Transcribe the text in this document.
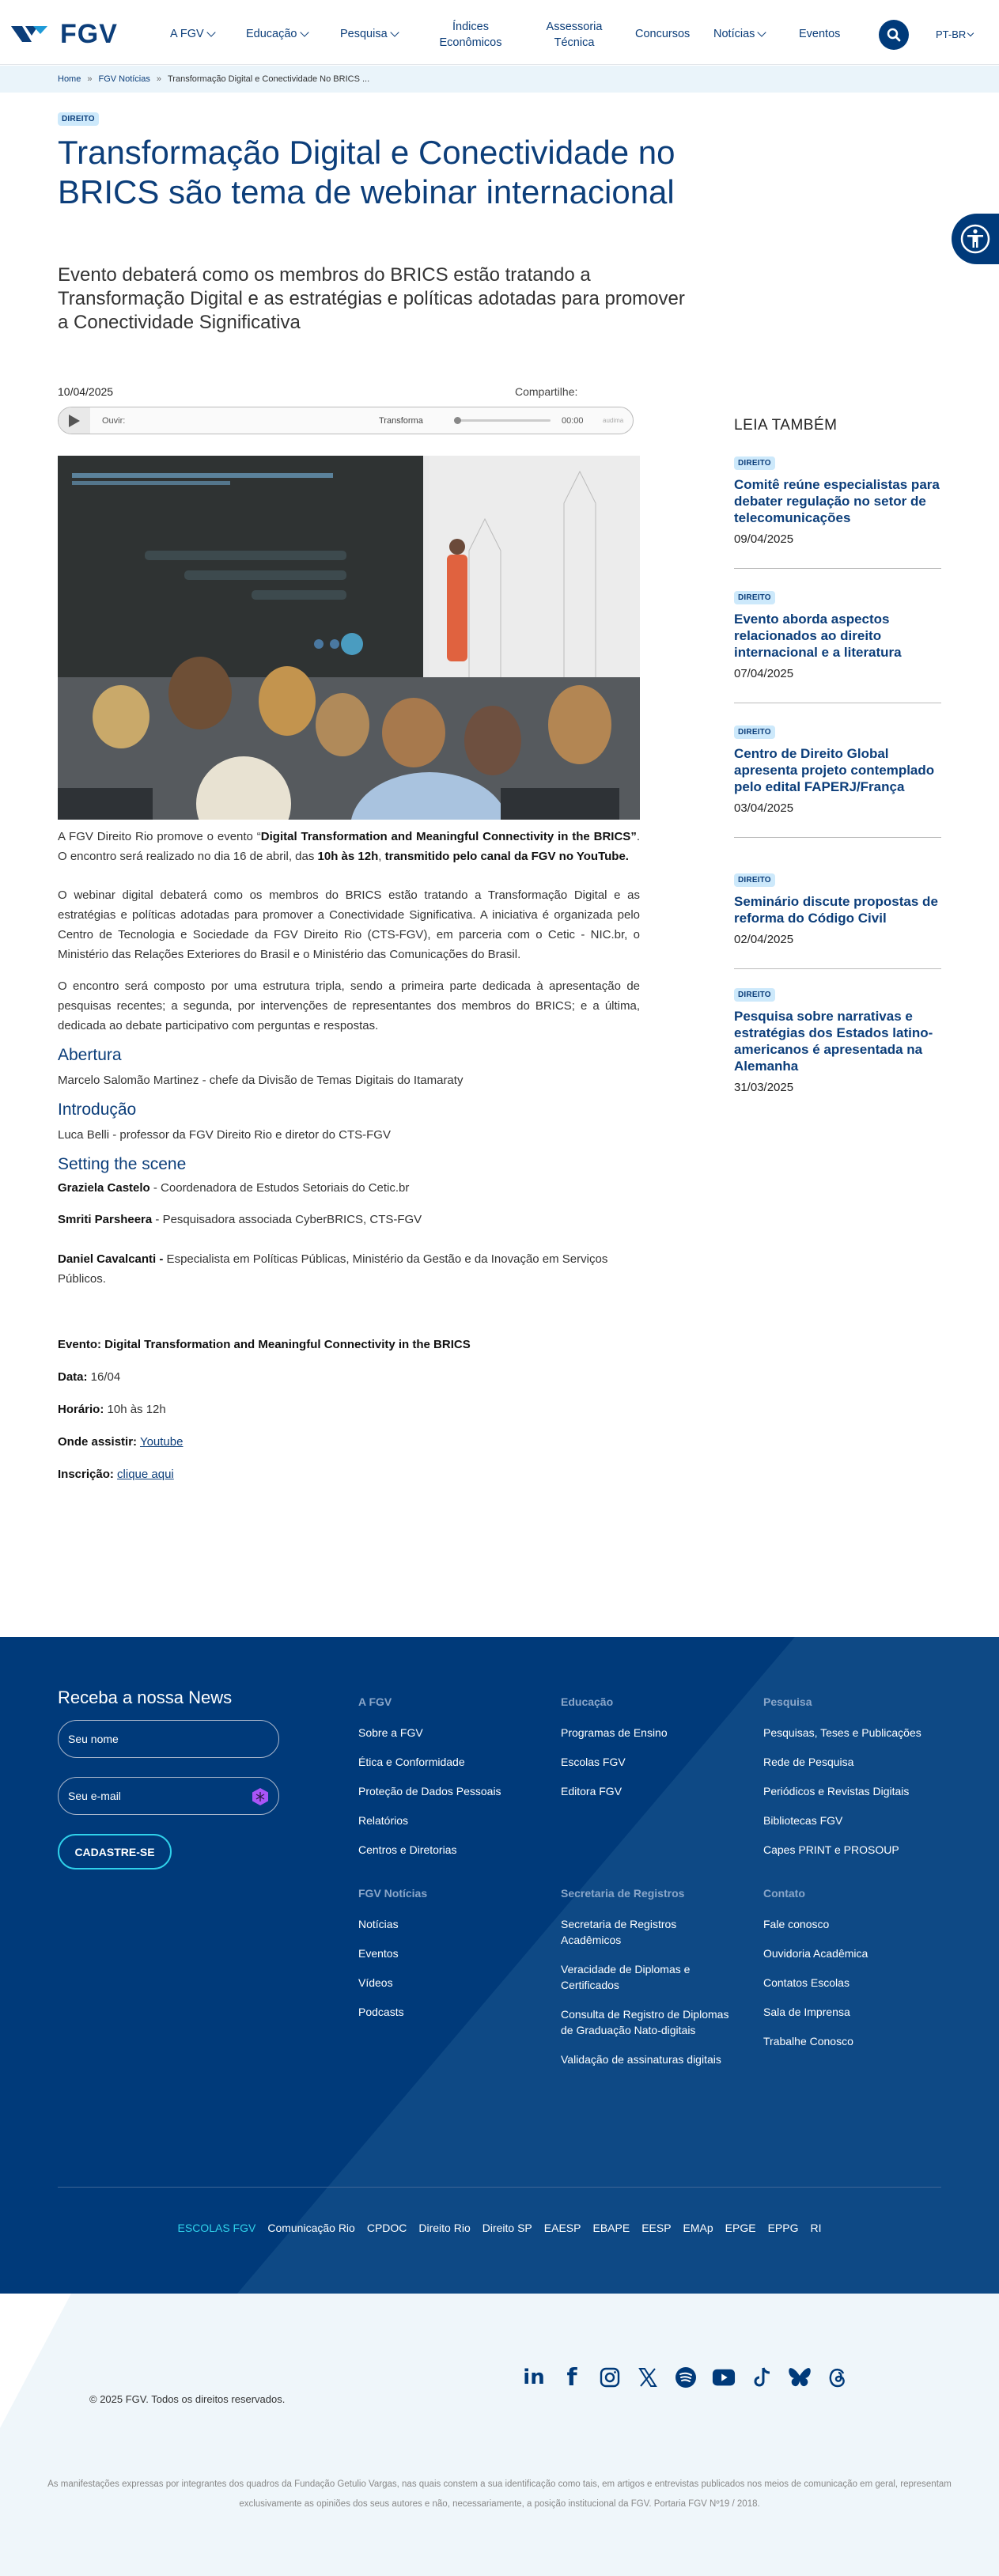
FGV	A FGV	Educação	Pesquisa
Índices Econômicos
Assessoria Técnica
Concursos Notícias	Eventos	PT-BR
Home » FGV Notícias » Transformação Digital e Conectividade No BRICS ...
DIREITO
Transformação Digital e Conectividade no BRICS são tema de webinar internacional

Evento debaterá como os membros do BRICS estão tratando a Transformação Digital e as estratégias e políticas adotadas para promover a Conectividade Significativa

10/04/2025	Compartilhe:
Ouvir:	Transforma	00:00	audima

A FGV Direito Rio promove o evento “Digital Transformation and Meaningful Connectivity in the BRICS”. O encontro será realizado no dia 16 de abril, das 10h às 12h, transmitido pelo canal da FGV no YouTube.

O webinar digital debaterá como os membros do BRICS estão tratando a Transformação Digital e as estratégias e políticas adotadas para promover a Conectividade Significativa. A iniciativa é organizada pelo Centro de Tecnologia e Sociedade da FGV Direito Rio (CTS-FGV), em parceria com o Cetic - NIC.br, o Ministério das Relações Exteriores do Brasil e o Ministério das Comunicações do Brasil.

O encontro será composto por uma estrutura tripla, sendo a primeira parte dedicada à apresentação de pesquisas recentes; a segunda, por intervenções de representantes dos membros do BRICS; e a última, dedicada ao debate participativo com perguntas e respostas.

Abertura
Marcelo Salomão Martinez - chefe da Divisão de Temas Digitais do Itamaraty
Introdução
Luca Belli - professor da FGV Direito Rio e diretor do CTS-FGV
Setting the scene
Graziela Castelo - Coordenadora de Estudos Setoriais do Cetic.br
Smriti Parsheera - Pesquisadora associada CyberBRICS, CTS-FGV
Daniel Cavalcanti - Especialista em Políticas Públicas, Ministério da Gestão e da Inovação em Serviços Públicos.
Evento: Digital Transformation and Meaningful Connectivity in the BRICS
Data: 16/04
Horário: 10h às 12h
Onde assistir: Youtube
Inscrição: clique aqui
LEIA TAMBÉM
DIREITO
Comitê reúne especialistas para debater regulação no setor de telecomunicações
09/04/2025
DIREITO
Evento aborda aspectos relacionados ao direito internacional e a literatura
07/04/2025
DIREITO
Centro de Direito Global apresenta projeto contemplado pelo edital FAPERJ/França
03/04/2025
DIREITO
Seminário discute propostas de reforma do Código Civil
02/04/2025
DIREITO
Pesquisa sobre narrativas e estratégias dos Estados latino-americanos é apresentada na Alemanha
31/03/2025
Receba a nossa News
Seu nome
Seu e-mail
CADASTRE-SE
A FGV
Sobre a FGV
Ética e Conformidade
Proteção de Dados Pessoais
Relatórios
Centros e Diretorias
Educação
Programas de Ensino
Escolas FGV
Editora FGV
Pesquisa
Pesquisas, Teses e Publicações
Rede de Pesquisa
Periódicos e Revistas Digitais
Bibliotecas FGV
Capes PRINT e PROSOUP
FGV Notícias
Notícias
Eventos
Vídeos
Podcasts
Secretaria de Registros
Secretaria de Registros Acadêmicos
Veracidade de Diplomas e Certificados
Consulta de Registro de Diplomas de Graduação Nato-digitais
Validação de assinaturas digitais
Contato
Fale conosco
Ouvidoria Acadêmica
Contatos Escolas
Sala de Imprensa
Trabalhe Conosco
ESCOLAS FGV Comunicação Rio CPDOC Direito Rio Direito SP EAESP EBAPE EESP EMAp EPGE EPPG RI
© 2025 FGV. Todos os direitos reservados.
in f
As manifestações expressas por integrantes dos quadros da Fundação Getulio Vargas, nas quais constem a sua identificação como tais, em artigos e entrevistas publicados nos meios de comunicação em geral, representam exclusivamente as opiniões dos seus autores e não, necessariamente, a posição institucional da FGV. Portaria FGV Nº19 / 2018.
